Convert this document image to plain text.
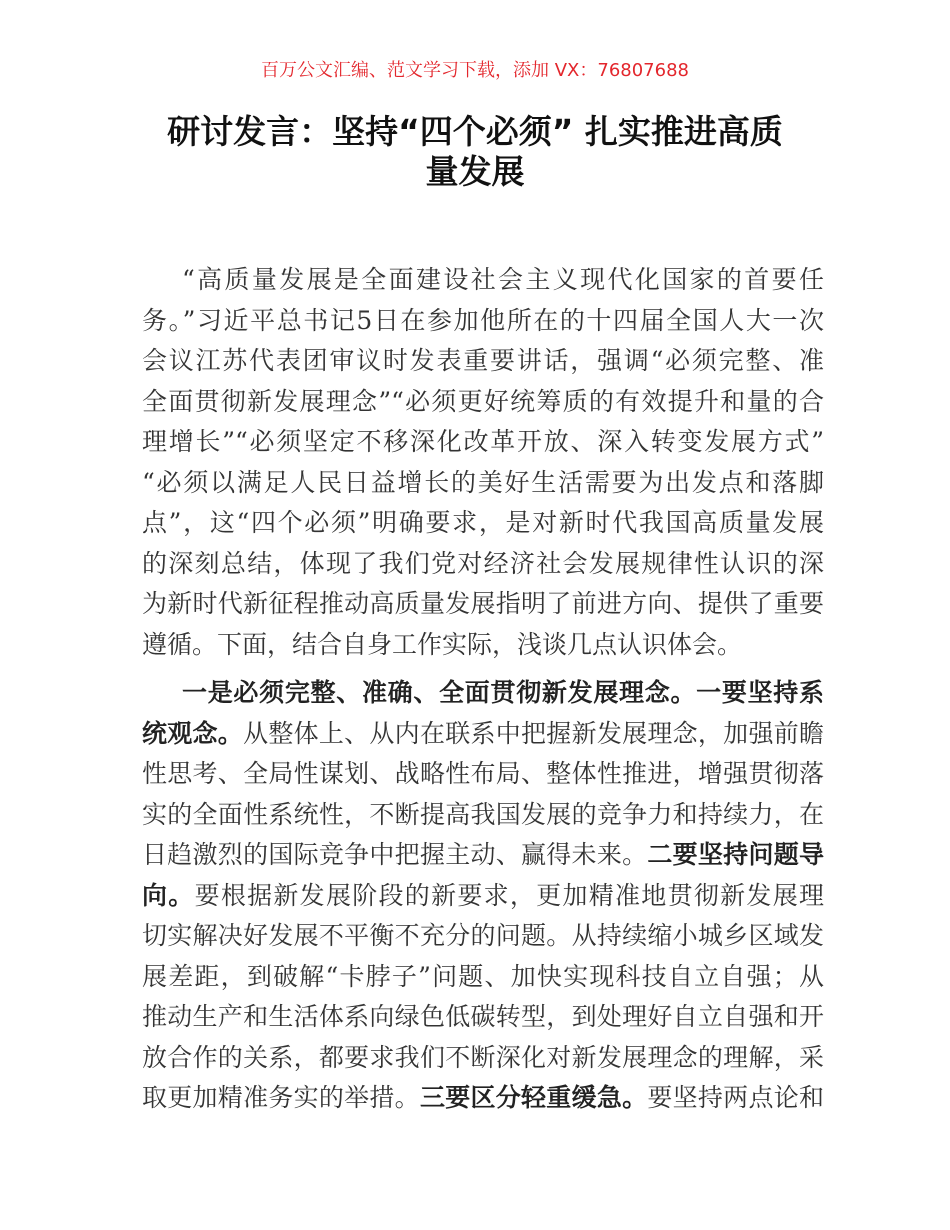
百万公文汇编、范文学习下载，添加 VX：76807688
研讨发言：坚持“四个必须” 扎实推进高质
量发展
“高质量发展是全面建设社会主义现代化国家的首要任
务。”习近平总书记5日在参加他所在的十四届全国人大一次
会议江苏代表团审议时发表重要讲话，强调“必须完整、准
全面贯彻新发展理念”“必须更好统筹质的有效提升和量的合
理增长”“必须坚定不移深化改革开放、深入转变发展方式”
“必须以满足人民日益增长的美好生活需要为出发点和落脚
点”，这“四个必须”明确要求，是对新时代我国高质量发展
的深刻总结，体现了我们党对经济社会发展规律性认识的深
为新时代新征程推动高质量发展指明了前进方向、提供了重要
遵循。下面，结合自身工作实际，浅谈几点认识体会。
一是必须完整、准确、全面贯彻新发展理念。一要坚持系
统观念。从整体上、从内在联系中把握新发展理念，加强前瞻
性思考、全局性谋划、战略性布局、整体性推进，增强贯彻落
实的全面性系统性，不断提高我国发展的竞争力和持续力，在
日趋激烈的国际竞争中把握主动、赢得未来。二要坚持问题导
向。要根据新发展阶段的新要求，更加精准地贯彻新发展理
切实解决好发展不平衡不充分的问题。从持续缩小城乡区域发
展差距，到破解“卡脖子”问题、加快实现科技自立自强；从
推动生产和生活体系向绿色低碳转型，到处理好自立自强和开
放合作的关系，都要求我们不断深化对新发展理念的理解，采
取更加精准务实的举措。三要区分轻重缓急。要坚持两点论和
